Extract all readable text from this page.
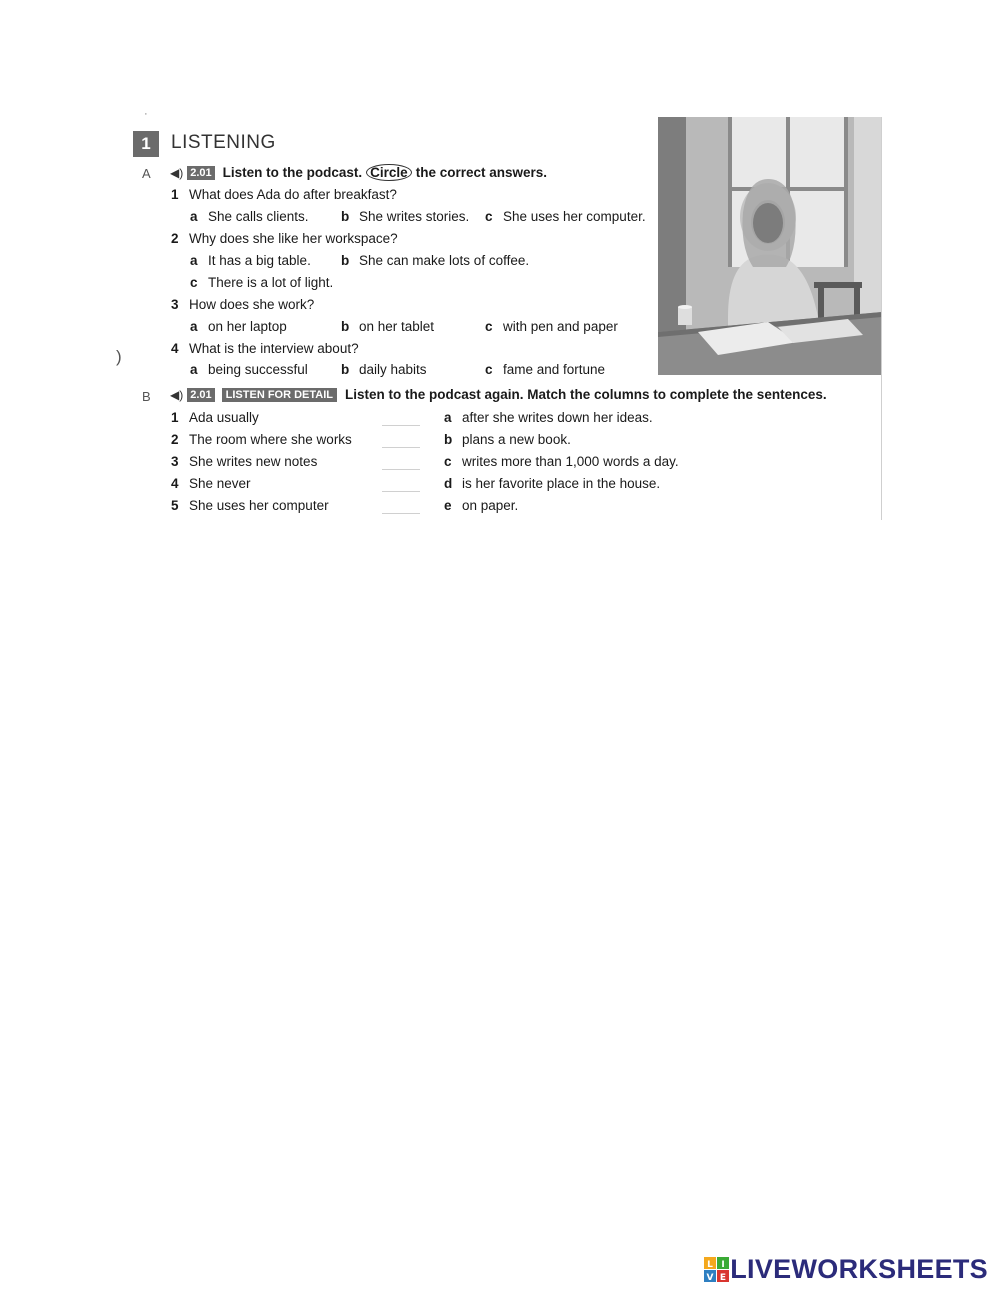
·
)
1	LISTENING
A ◀) 2.01 Listen to the podcast. Circle the correct answers.
1 What does Ada do after breakfast?
a She calls clients. b She writes stories. c She uses her computer.
2 Why does she like her workspace?
a It has a big table. b She can make lots of coffee.
c There is a lot of light.
3 How does she work?
a on her laptop	b on her tablet	c with pen and paper
4 What is the interview about?
a being successful b daily habits	c fame and fortune
B ◀) 2.01	LISTEN FOR DETAIL Listen to the podcast again. Match the columns to complete the sentences.
1 Ada usually	a after she writes down her ideas.
2 The room where she works	b plans a new book.
3 She writes new notes	c writes more than 1,000 words a day.
4 She never	d is her favorite place in the house.
5 She uses her computer	e on paper.
L I
V E LIVEWORKSHEETS
